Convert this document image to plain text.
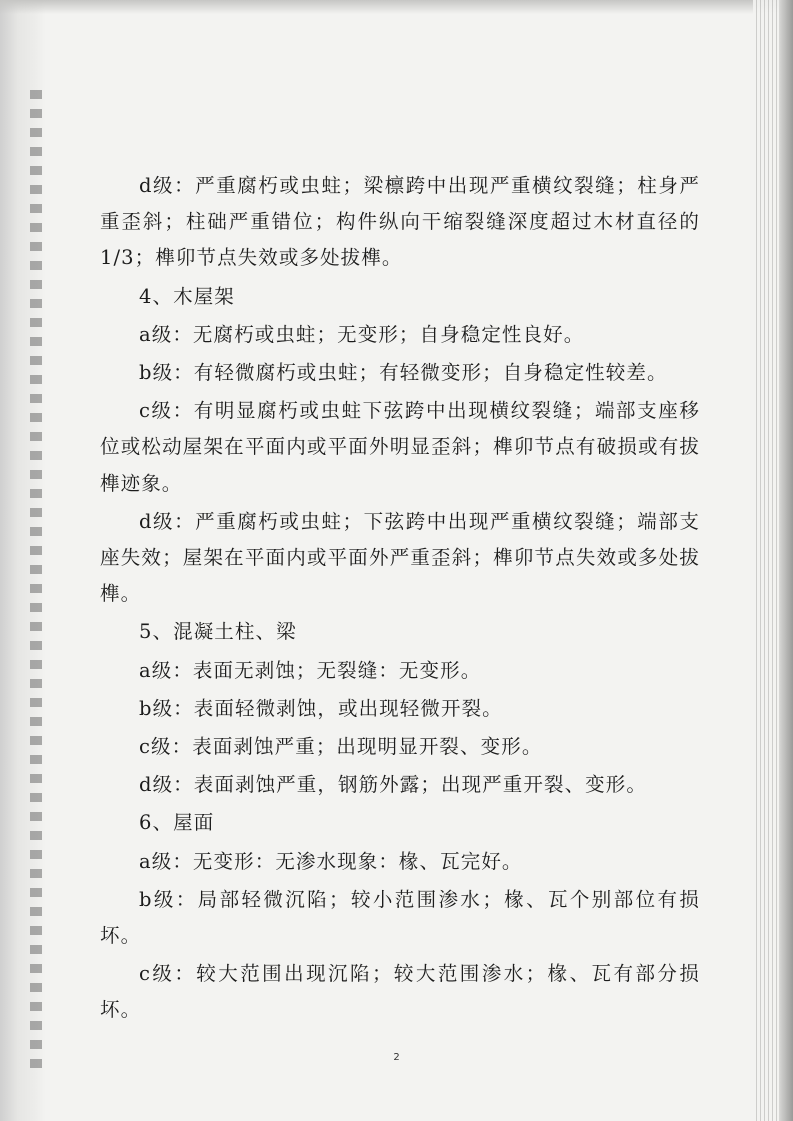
d级：严重腐朽或虫蛀；梁檩跨中出现严重横纹裂缝；柱身严重歪斜；柱础严重错位；构件纵向干缩裂缝深度超过木材直径的1/3；榫卯节点失效或多处拔榫。

4、木屋架

a级：无腐朽或虫蛀；无变形；自身稳定性良好。

b级：有轻微腐朽或虫蛀；有轻微变形；自身稳定性较差。

c级：有明显腐朽或虫蛀下弦跨中出现横纹裂缝；端部支座移位或松动屋架在平面内或平面外明显歪斜；榫卯节点有破损或有拔榫迹象。

d级：严重腐朽或虫蛀；下弦跨中出现严重横纹裂缝；端部支座失效；屋架在平面内或平面外严重歪斜；榫卯节点失效或多处拔榫。

5、混凝土柱、梁

a级：表面无剥蚀；无裂缝：无变形。

b级：表面轻微剥蚀，或出现轻微开裂。

c级：表面剥蚀严重；出现明显开裂、变形。

d级：表面剥蚀严重，钢筋外露；出现严重开裂、变形。

6、屋面

a级：无变形：无渗水现象：椽、瓦完好。

b级：局部轻微沉陷；较小范围渗水；椽、瓦个别部位有损坏。

c级：较大范围出现沉陷；较大范围渗水；椽、瓦有部分损坏。

2
